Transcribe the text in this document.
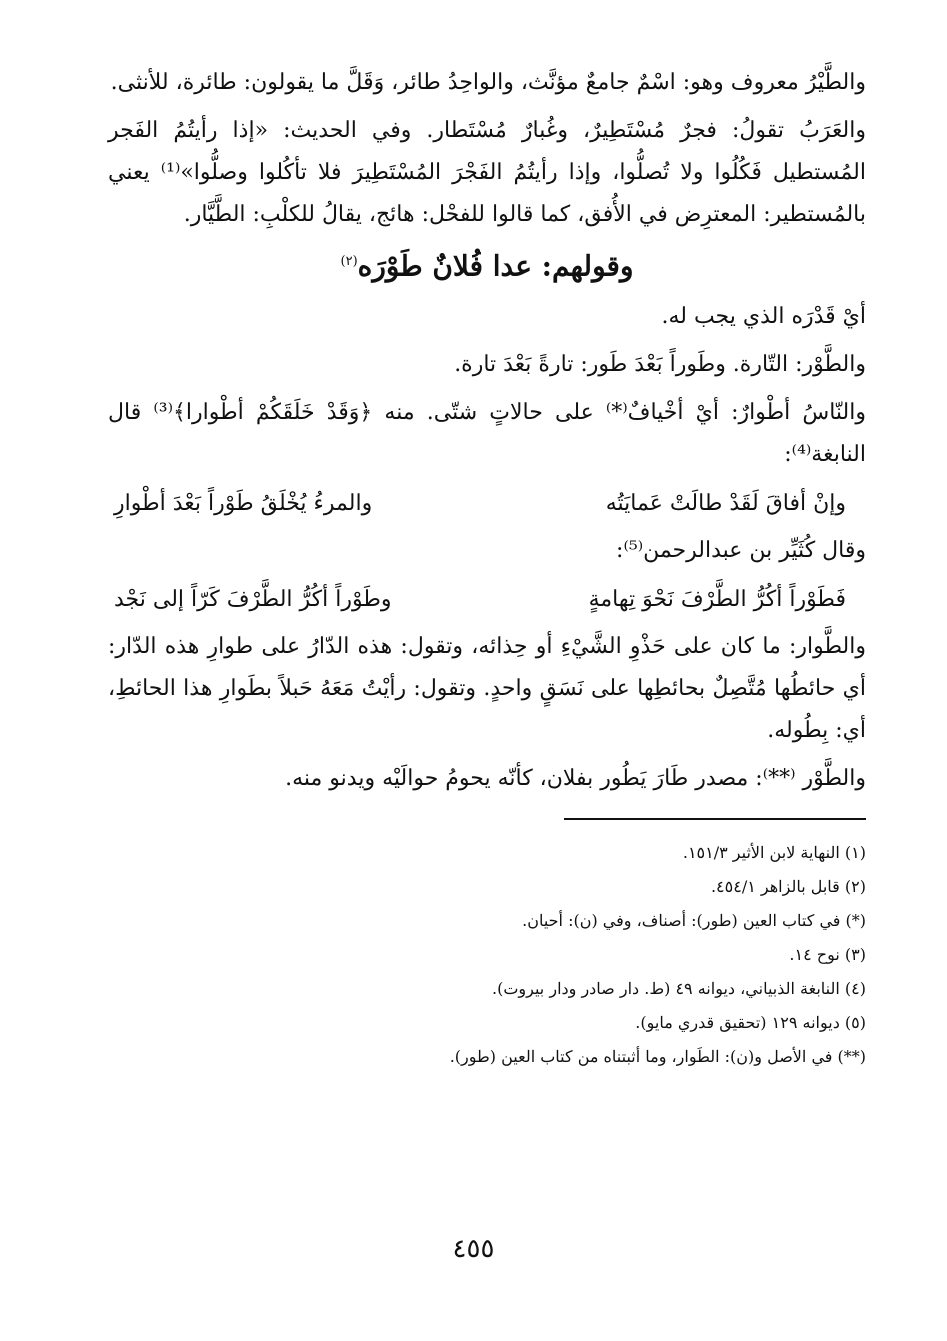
والطَّيْرُ معروف وهو: اسْمٌ جامعٌ مؤنَّث، والواحِدُ طائر، وَقَلَّ ما يقولون: طائرة، للأنثى.

والعَرَبُ تقولُ: فجرٌ مُسْتَطِيرٌ، وغُبارٌ مُسْتَطار. وفي الحديث: «إذا رأيتُمُ الفَجر المُستطيل فَكُلُوا ولا تُصلُّوا، وإذا رأيتُمُ الفَجْرَ المُسْتَطِيرَ فلا تأكُلوا وصلُّوا»⁽¹⁾ يعني بالمُستطير: المعترِض في الأُفق، كما قالوا للفحْل: هائج، يقالُ للكلْبِ: الطَّيَّار.

وقولهم: عدا فُلانٌ طَوْرَه$^{(٢)}$

أيْ قَدْرَه الذي يجب له.

والطَّوْر: التّارة. وطَوراً بَعْدَ طَور: تارةً بَعْدَ تارة.

والنّاسُ أطْوارٌ: أيْ أخْيافٌ⁽*⁾ على حالاتٍ شتّى. منه ﴿وَقَدْ خَلَقَكُمْ أطْوارا﴾⁽³⁾ قال النابغة⁽⁴⁾:

وإنْ أفاقَ لَقَدْ طالَتْ عَمايَتُه
والمرءُ يُخْلَقُ طَوْراً بَعْدَ أطْوارِ

وقال كُثَيِّر بن عبدالرحمن⁽⁵⁾:

فَطَوْراً أكُرُّ الطَّرْفَ نَحْوَ تِهامةٍ
وطَوْراً أكُرُّ الطَّرْفَ كَرّاً إلى نَجْد

والطَّوار: ما كان على حَذْوِ الشَّيْءِ أو حِذائه، وتقول: هذه الدّارُ على طوارِ هذه الدّار: أي حائطُها مُتَّصِلٌ بحائطِها على نَسَقٍ واحدٍ. وتقول: رأيْتُ مَعَهُ حَبلاً بطَوارِ هذا الحائطِ، أي: بِطُوله.

والطَّوْر ⁽**⁾: مصدر طَارَ يَطُور بفلان، كأنّه يحومُ حوالَيْه ويدنو منه.

(١) النهاية لابن الأثير ١٥١/٣.

(٢) قابل بالزاهر ٤٥٤/١.

(*) في كتاب العين (طور): أصناف، وفي (ن): أحيان.

(٣) نوح ١٤.

(٤) النابغة الذبياني، ديوانه ٤٩ (ط. دار صادر ودار بيروت).

(٥) ديوانه ١٢٩ (تحقيق قدري مايو).

(**) في الأصل و(ن): الطَوار، وما أثبتناه من كتاب العين (طور).

٤٥٥
